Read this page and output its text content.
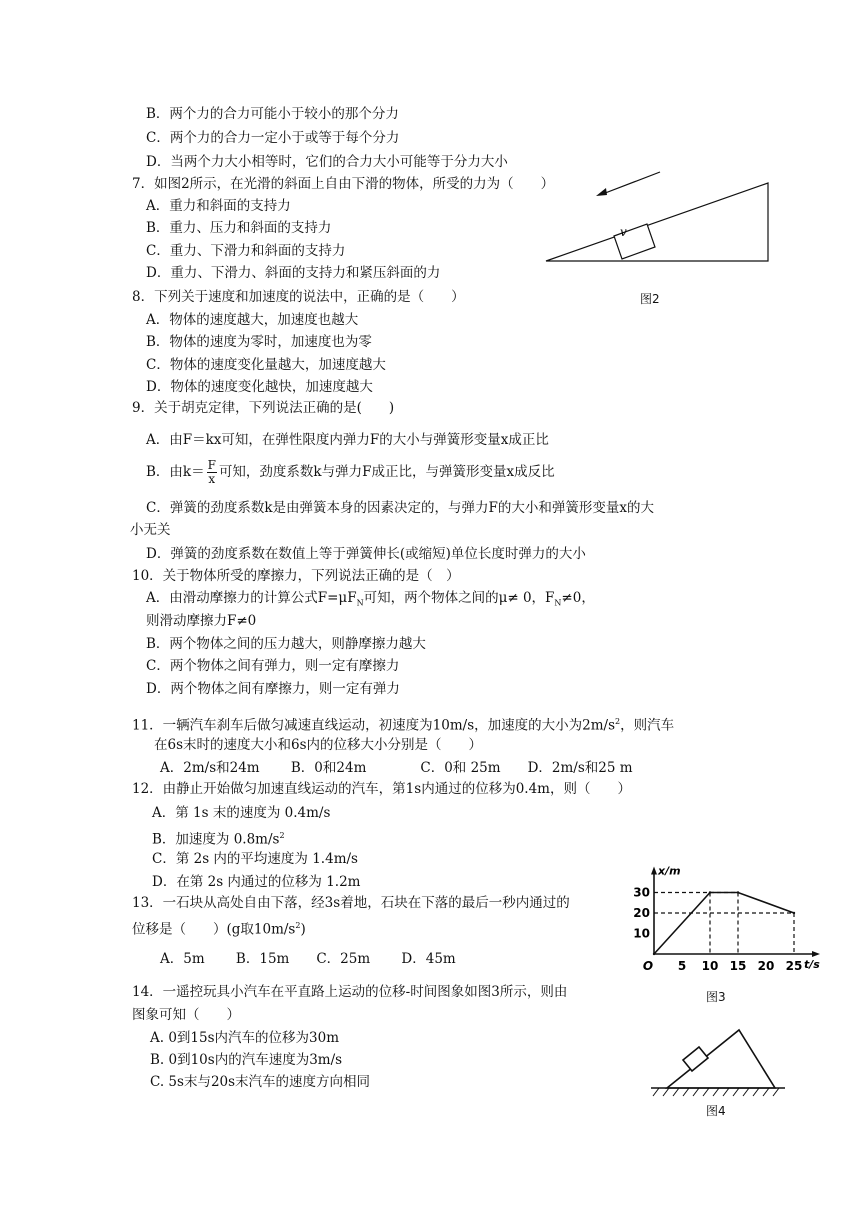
B．两个力的合力可能小于较小的那个分力
C．两个力的合力一定小于或等于每个分力
D．当两个力大小相等时，它们的合力大小可能等于分力大小
7．如图2所示，在光滑的斜面上自由下滑的物体，所受的力为（　　）
A．重力和斜面的支持力
B．重力、压力和斜面的支持力
C．重力、下滑力和斜面的支持力
D．重力、下滑力、斜面的支持力和紧压斜面的力
v
图2
8．下列关于速度和加速度的说法中，正确的是（　　）
A．物体的速度越大，加速度也越大
B．物体的速度为零时，加速度也为零
C．物体的速度变化量越大，加速度越大
D．物体的速度变化越快，加速度越大
9．关于胡克定律，下列说法正确的是(　　)
A．由F＝kx可知，在弹性限度内弹力F的大小与弹簧形变量x成正比
B．由$k= \frac{F}{x}$ 可知，劲度系数k与弹力F成正比，与弹簧形变量x成反比
C．弹簧的劲度系数k是由弹簧本身的因素决定的，与弹力F的大小和弹簧形变量x的大
小无关
D．弹簧的劲度系数在数值上等于弹簧伸长(或缩短)单位长度时弹力的大小
10．关于物体所受的摩擦力，下列说法正确的是（　）
A．由滑动摩擦力的计算公式$F=\mu F_N$可知，两个物体之间的μ≠ 0，$F_N\ne 0$，
则滑动摩擦力F≠0
B．两个物体之间的压力越大，则静摩擦力越大
C．两个物体之间有弹力，则一定有摩擦力
D．两个物体之间有摩擦力，则一定有弹力
11．一辆汽车刹车后做匀减速直线运动，初速度为10m/s，加速度的大小为$2m/s^2$，则汽车
在6s末时的速度大小和6s内的位移大小分别是（　　）
A．2m/s和24m　　 B．0和24m　　　　C．0和 25m　　D．2m/s和25 m
12．由静止开始做匀加速直线运动的汽车，第1s内通过的位移为0.4m，则（　　）
A．第 1s 末的速度为 0.4m/s
B．加速度为 $0.8m/s^2$
C．第 2s 内的平均速度为 1.4m/s
D．在第 2s 内通过的位移为 1.2m
13．一石块从高处自由下落，经3s着地，石块在下落的最后一秒内通过的
位移是（　　）(g取$10m/s^2$)
A．5m　　 B．15m　　C．25m　　 D．45m
14．一遥控玩具小汽车在平直路上运动的位移-时间图象如图3所示，则由
图象可知（　　）
A. 0到15s内汽车的位移为30m
B. 0到10s内的汽车速度为3m/s
C. 5s末与20s末汽车的速度方向相同
5 10 15 20 25
10
20
30
O
x/m
t/s
图3
图4
